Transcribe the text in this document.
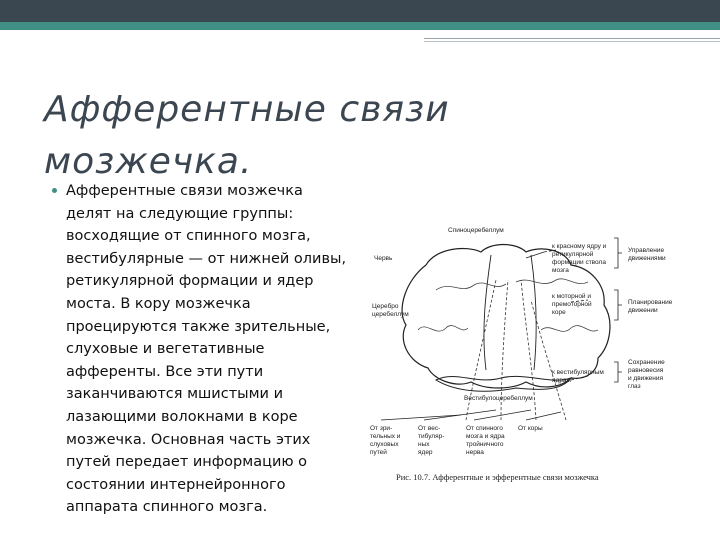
Афферентные связи мозжечка.
Афферентные связи мозжечка делят на следующие группы: восходящие от спинного мозга, вестибулярные — от нижней оливы, ретикулярной формации и ядер моста. В кору мозжечка проецируются также зрительные, слуховые и вегетативные афференты. Все эти пути заканчиваются мшистыми и лазающими волокнами в коре мозжечка. Основная часть этих путей передает информацию о состоянии интернейронного аппарата спинного мозга.
Спиноцеребеллум
Червь
Церебро
церебеллум
Вестибулоцеребеллум
к красному ядру и
ретикулярной
формации ствола
мозга
к моторной и
премоторной
коре
к вестибулярным
ядрам
Управление
движениями
Планирование
движении
Сохранение
равновесия
и движения
глаз
От зри-
тельных и
слуховых
путей
От вес-
тибуляр-
ных
ядер
От спинного
мозга и ядра
тройничного
нерва
От коры
Рис. 10.7. Афферентные и эфферентные связи мозжечка
